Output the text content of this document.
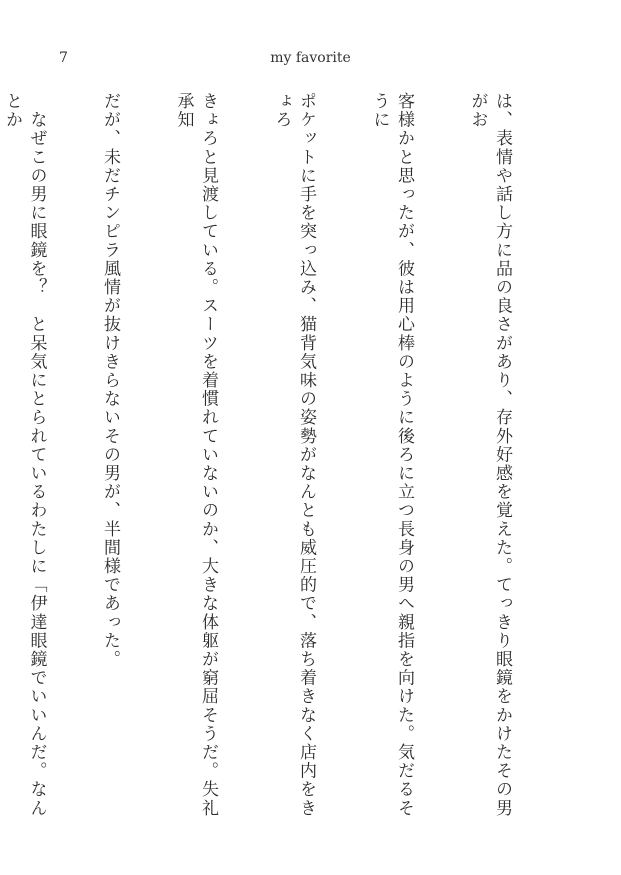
7	my favorite

は、表情や話し方に品の良さがあり、存外好感を覚えた。てっきり眼鏡をかけたその男がお

客様かと思ったが、彼は用心棒のように後ろに立つ長身の男へ親指を向けた。気だるそうに

ポケットに手を突っ込み、猫背気味の姿勢がなんとも威圧的で、落ち着きなく店内をきょろ

きょろと見渡している。スーツを着慣れていないのか、大きな体躯が窮屈そうだ。失礼承知

だが、未だチンピラ風情が抜けきらないその男が、半間様であった。

　なぜこの男に眼鏡を？　と呆気にとられているわたしに「伊達眼鏡でいいんだ。なんとか
